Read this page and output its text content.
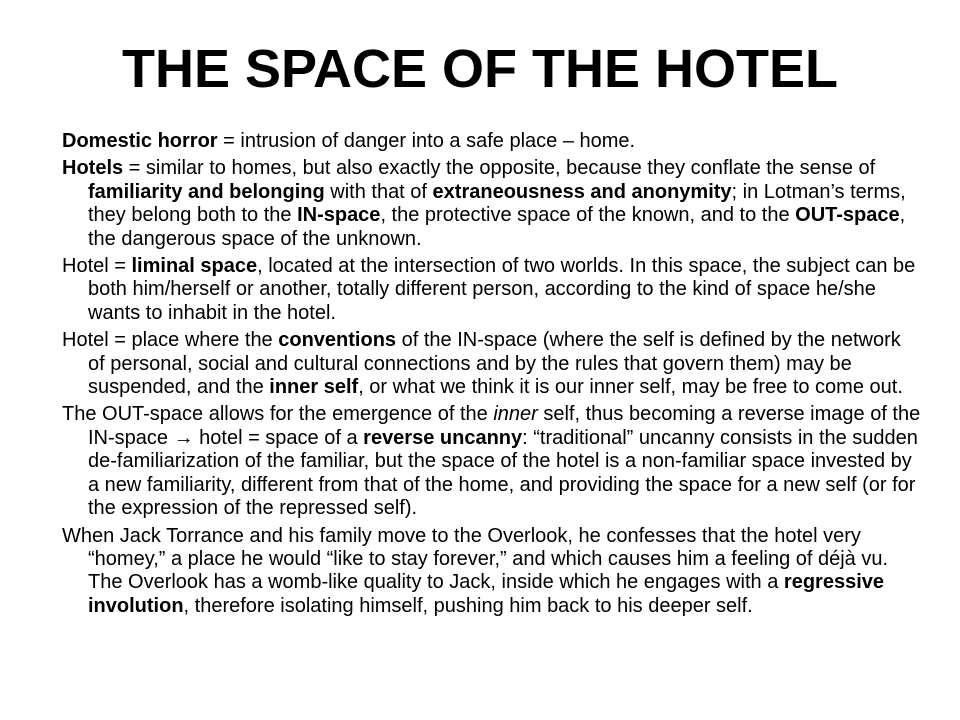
THE SPACE OF THE HOTEL

Domestic horror = intrusion of danger into a safe place – home.

Hotels = similar to homes, but also exactly the opposite, because they conflate the sense of familiarity and belonging with that of extraneousness and anonymity; in Lotman’s terms, they belong both to the IN-space, the protective space of the known, and to the OUT-space, the dangerous space of the unknown.

Hotel = liminal space, located at the intersection of two worlds. In this space, the subject can be both him/herself or another, totally different person, according to the kind of space he/she wants to inhabit in the hotel.

Hotel = place where the conventions of the IN-space (where the self is defined by the network of personal, social and cultural connections and by the rules that govern them) may be suspended, and the inner self, or what we think it is our inner self, may be free to come out.

The OUT-space allows for the emergence of the inner self, thus becoming a reverse image of the IN-space → hotel = space of a reverse uncanny: “traditional” uncanny consists in the sudden de-familiarization of the familiar, but the space of the hotel is a non-familiar space invested by a new familiarity, different from that of the home, and providing the space for a new self (or for the expression of the repressed self).

When Jack Torrance and his family move to the Overlook, he confesses that the hotel very “homey,” a place he would “like to stay forever,” and which causes him a feeling of déjà vu. The Overlook has a womb-like quality to Jack, inside which he engages with a regressive involution, therefore isolating himself, pushing him back to his deeper self.
